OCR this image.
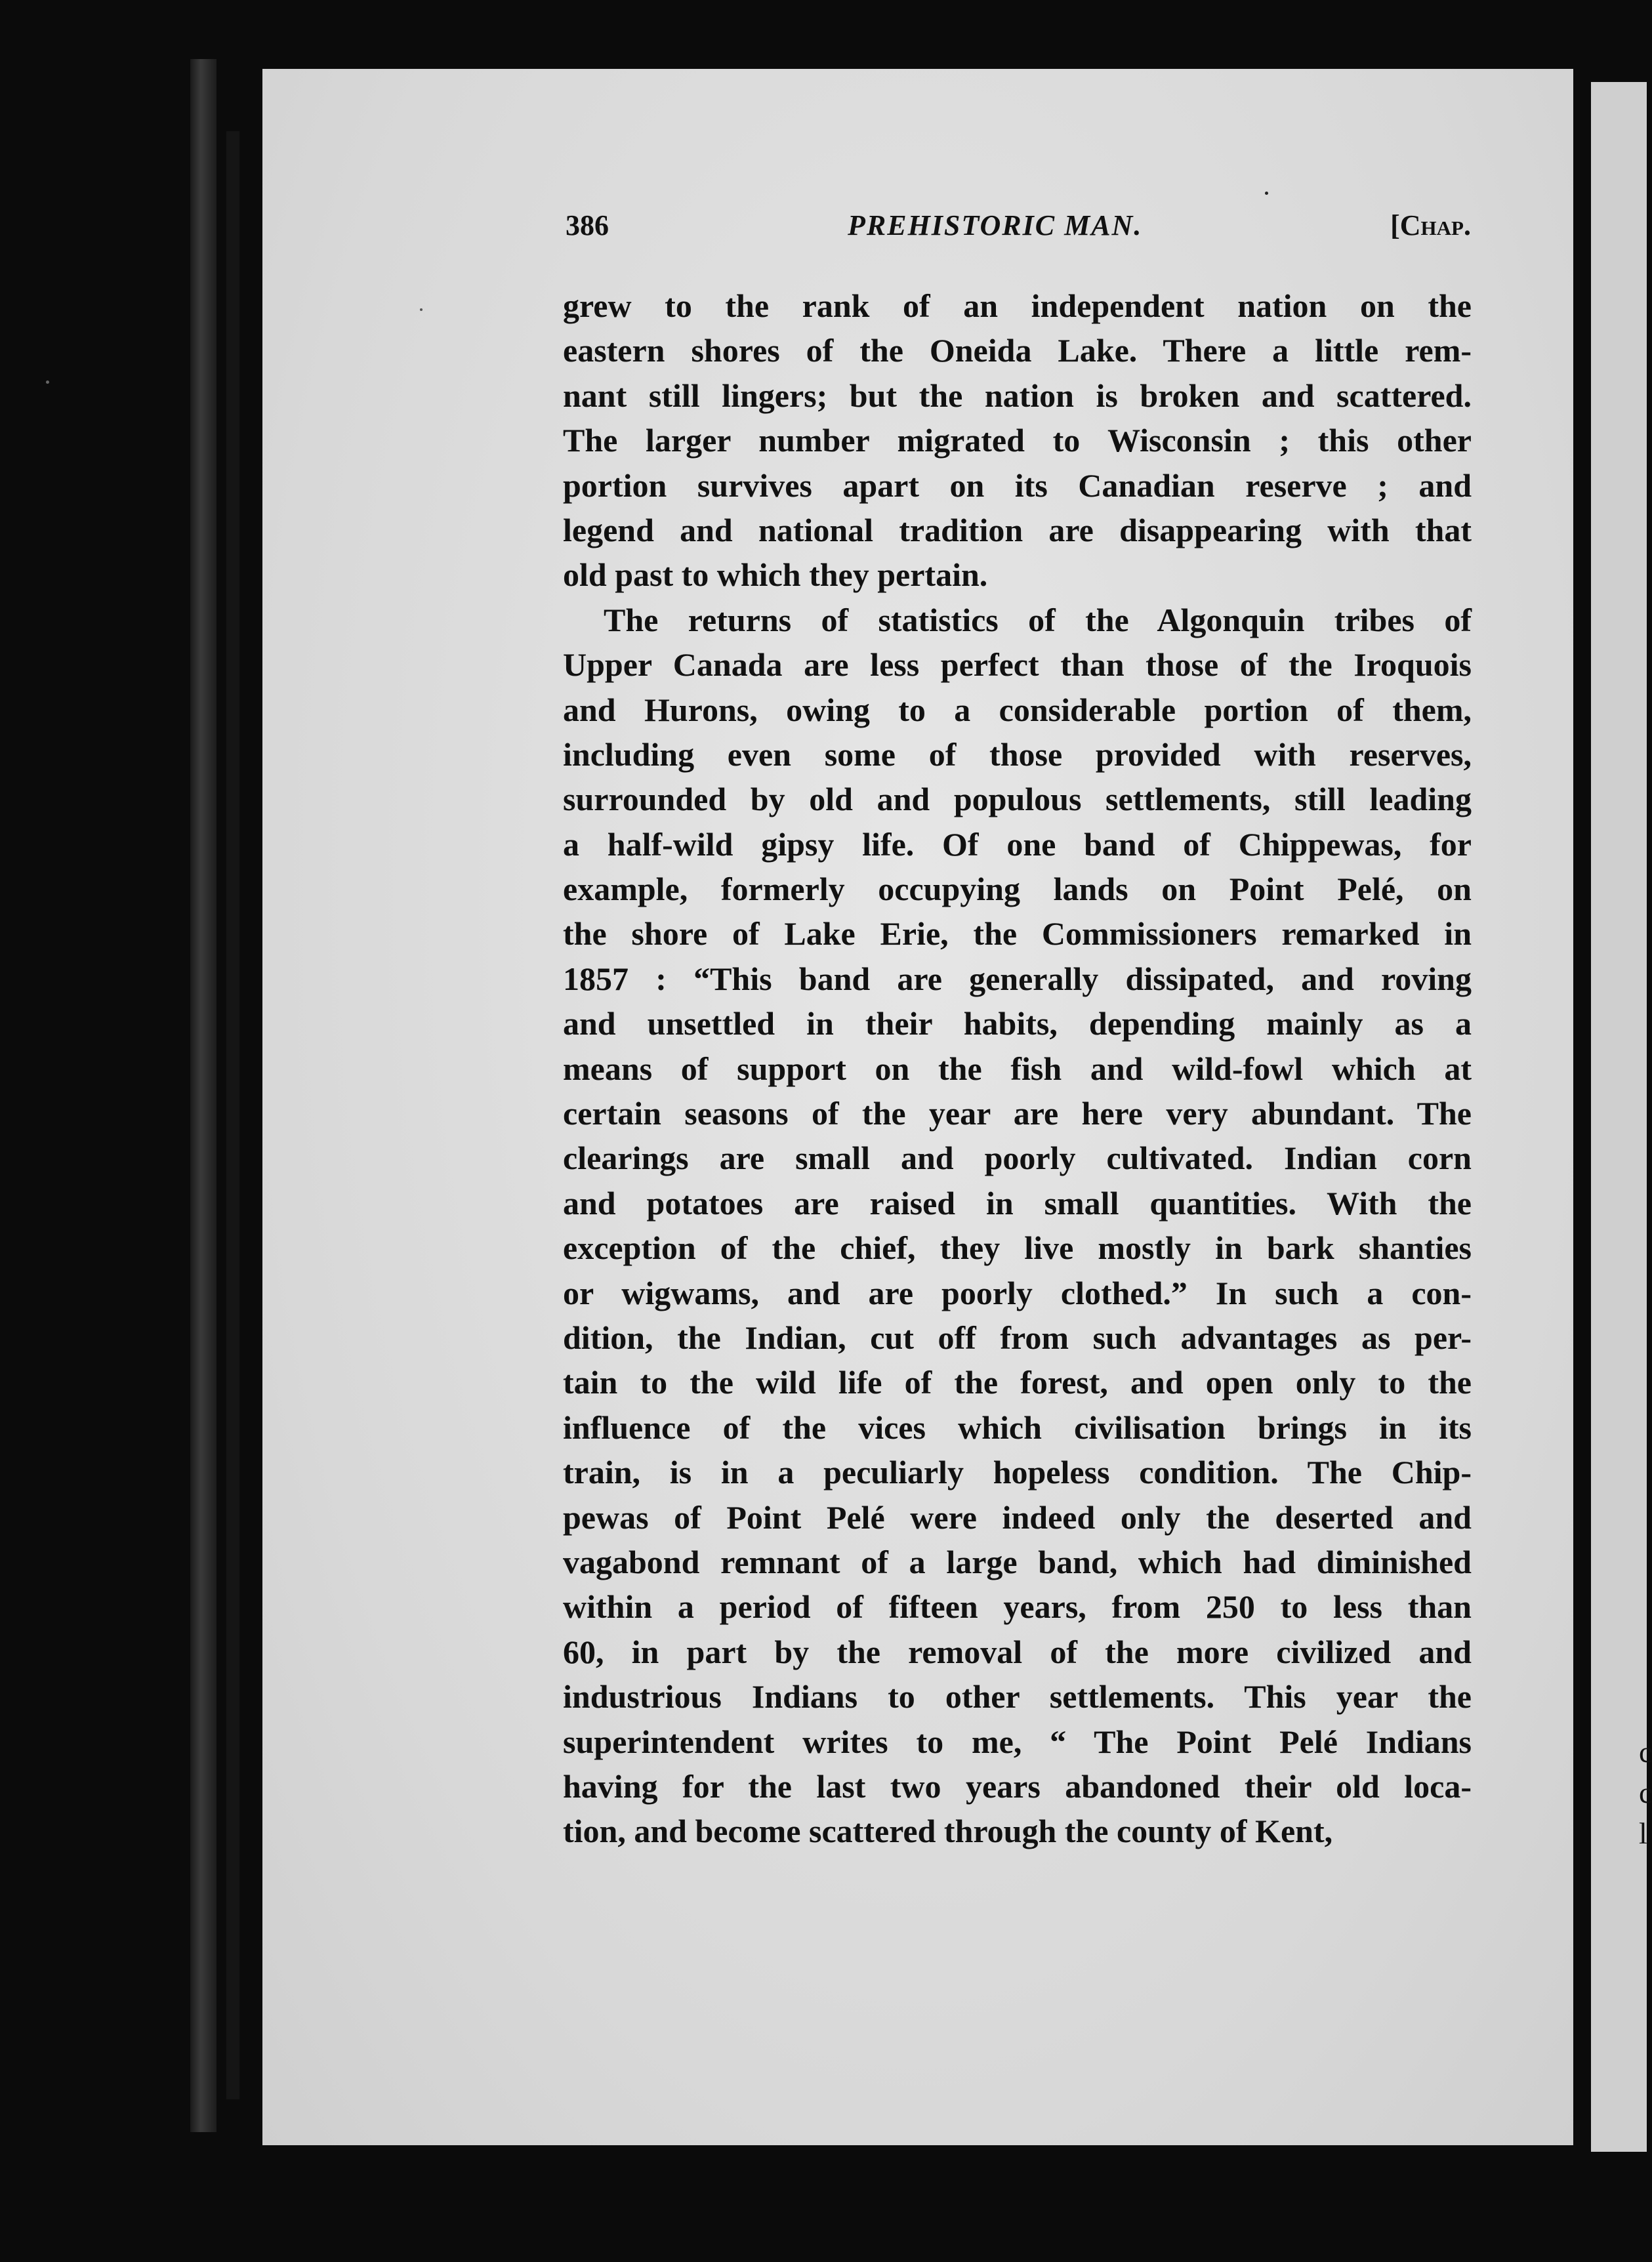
c
c
l
386	PREHISTORIC MAN.	[Chap.
grew to the rank of an independent nation on the
eastern shores of the Oneida Lake. There a little rem-
nant still lingers; but the nation is broken and scattered.
The larger number migrated to Wisconsin ; this other
portion survives apart on its Canadian reserve ; and
legend and national tradition are disappearing with that
old past to which they pertain.
The returns of statistics of the Algonquin tribes of
Upper Canada are less perfect than those of the Iroquois
and Hurons, owing to a considerable portion of them,
including even some of those provided with reserves,
surrounded by old and populous settlements, still leading
a half-wild gipsy life. Of one band of Chippewas, for
example, formerly occupying lands on Point Pelé, on
the shore of Lake Erie, the Commissioners remarked in
1857 : “This band are generally dissipated, and roving
and unsettled in their habits, depending mainly as a
means of support on the fish and wild-fowl which at
certain seasons of the year are here very abundant. The
clearings are small and poorly cultivated. Indian corn
and potatoes are raised in small quantities. With the
exception of the chief, they live mostly in bark shanties
or wigwams, and are poorly clothed.” In such a con-
dition, the Indian, cut off from such advantages as per-
tain to the wild life of the forest, and open only to the
influence of the vices which civilisation brings in its
train, is in a peculiarly hopeless condition. The Chip-
pewas of Point Pelé were indeed only the deserted and
vagabond remnant of a large band, which had diminished
within a period of fifteen years, from 250 to less than
60, in part by the removal of the more civilized and
industrious Indians to other settlements. This year the
superintendent writes to me, “ The Point Pelé Indians
having for the last two years abandoned their old loca-
tion, and become scattered through the county of Kent,
